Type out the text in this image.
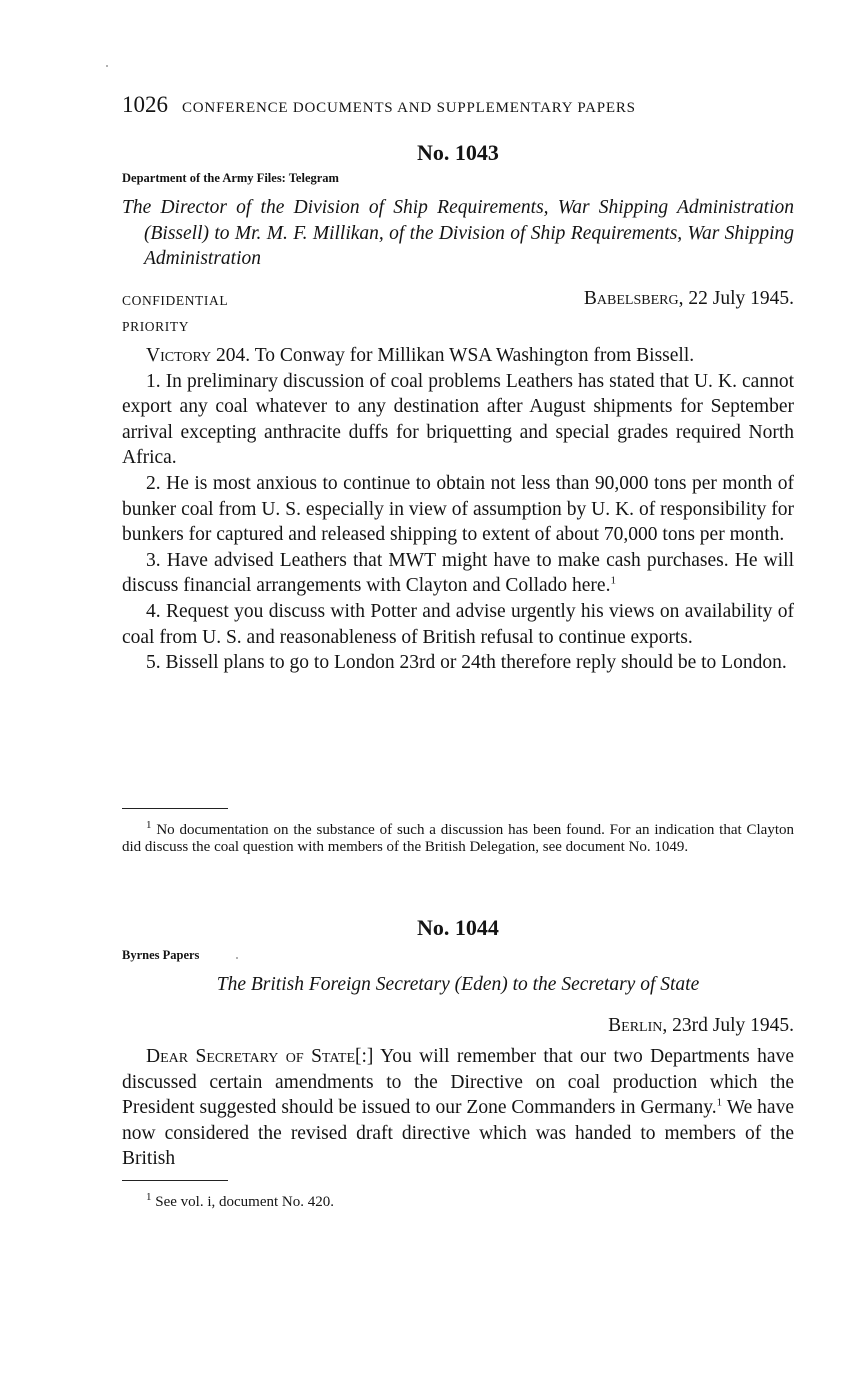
1026 CONFERENCE DOCUMENTS AND SUPPLEMENTARY PAPERS
No. 1043
Department of the Army Files: Telegram

The Director of the Division of Ship Requirements, War Shipping Administration (Bissell) to Mr. M. F. Millikan, of the Division of Ship Requirements, War Shipping Administration

CONFIDENTIAL
PRIORITY
Babelsberg, 22 July 1945.

Victory 204. To Conway for Millikan WSA Washington from Bissell.

1. In preliminary discussion of coal problems Leathers has stated that U. K. cannot export any coal whatever to any destination after August shipments for September arrival excepting anthracite duffs for briquetting and special grades required North Africa.

2. He is most anxious to continue to obtain not less than 90,000 tons per month of bunker coal from U. S. especially in view of assumption by U. K. of responsibility for bunkers for captured and released shipping to extent of about 70,000 tons per month.

3. Have advised Leathers that MWT might have to make cash purchases. He will discuss financial arrangements with Clayton and Collado here.$^1$

4. Request you discuss with Potter and advise urgently his views on availability of coal from U. S. and reasonableness of British refusal to continue exports.

5. Bissell plans to go to London 23rd or 24th therefore reply should be to London.

$^1$ No documentation on the substance of such a discussion has been found. For an indication that Clayton did discuss the coal question with members of the British Delegation, see document No. 1049.

No. 1044
Byrnes Papers
The British Foreign Secretary (Eden) to the Secretary of State
Berlin, 23rd July 1945.

Dear Secretary of State[:] You will remember that our two Departments have discussed certain amendments to the Directive on coal production which the President suggested should be issued to our Zone Commanders in Germany.$^1$ We have now considered the revised draft directive which was handed to members of the British

$^1$ See vol. i, document No. 420.
